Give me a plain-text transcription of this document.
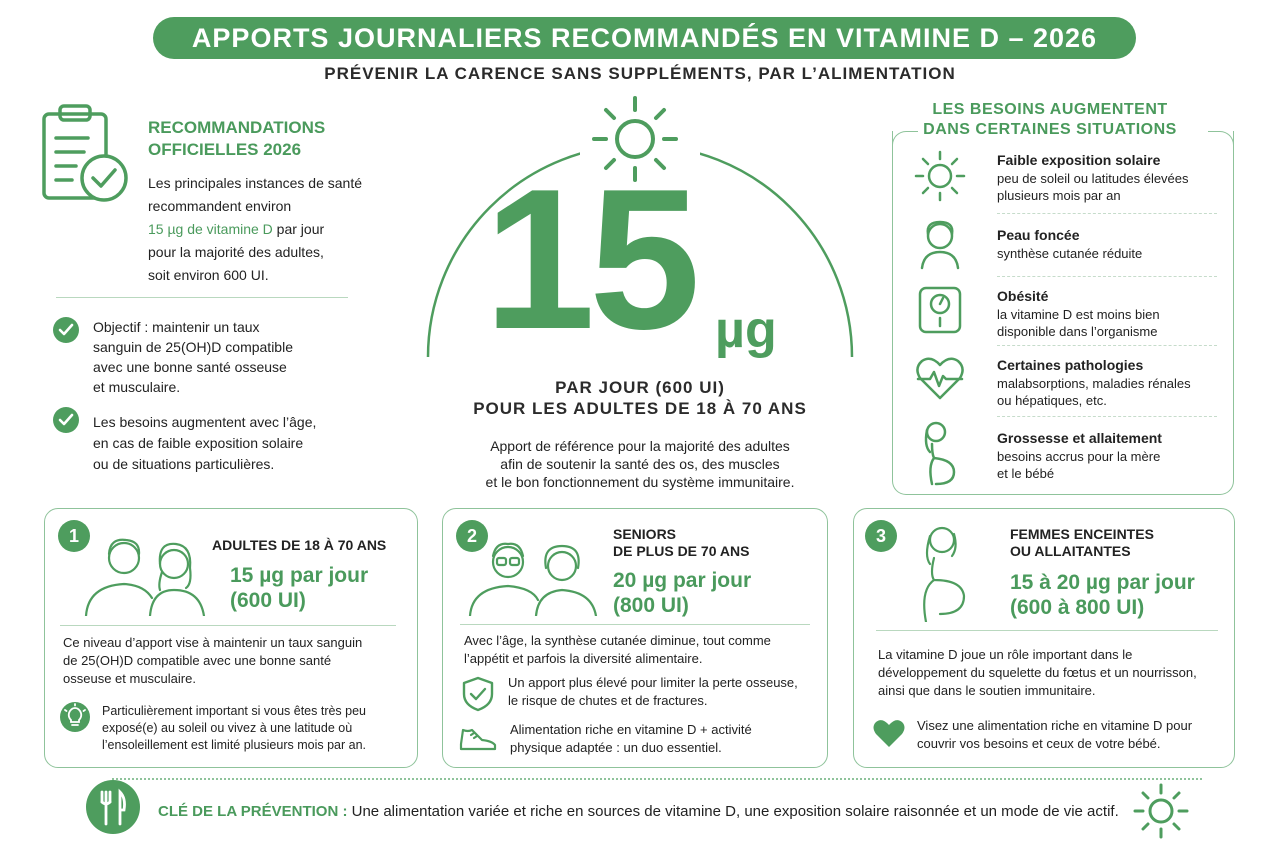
APPORTS JOURNALIERS RECOMMANDÉS EN VITAMINE D – 2026
PRÉVENIR LA CARENCE SANS SUPPLÉMENTS, PAR L’ALIMENTATION
RECOMMANDATIONS
OFFICIELLES 2026
Les principales instances de santé
recommandent environ
15 µg de vitamine D par jour
pour la majorité des adultes,
soit environ 600 UI.
Objectif : maintenir un taux
sanguin de 25(OH)D compatible
avec une bonne santé osseuse
et musculaire.
Les besoins augmentent avec l’âge,
en cas de faible exposition solaire
ou de situations particulières.
15 µg
PAR JOUR (600 UI)
POUR LES ADULTES DE 18 À 70 ANS
Apport de référence pour la majorité des adultes
afin de soutenir la santé des os, des muscles
et le bon fonctionnement du système immunitaire.
LES BESOINS AUGMENTENT
DANS CERTAINES SITUATIONS
Faible exposition solaire
peu de soleil ou latitudes élevées
plusieurs mois par an
Peau foncée
synthèse cutanée réduite
Obésité
la vitamine D est moins bien
disponible dans l’organisme
Certaines pathologies
malabsorptions, maladies rénales
ou hépatiques, etc.
Grossesse et allaitement
besoins accrus pour la mère
et le bébé
1	ADULTES DE 18 À 70 ANS
15 µg par jour
(600 UI)
Ce niveau d’apport vise à maintenir un taux sanguin
de 25(OH)D compatible avec une bonne santé
osseuse et musculaire.
Particulièrement important si vous êtes très peu
exposé(e) au soleil ou vivez à une latitude où
l’ensoleillement est limité plusieurs mois par an.
2	SENIORS
DE PLUS DE 70 ANS
20 µg par jour
(800 UI)
Avec l’âge, la synthèse cutanée diminue, tout comme
l’appétit et parfois la diversité alimentaire.
Un apport plus élevé pour limiter la perte osseuse,
le risque de chutes et de fractures.
Alimentation riche en vitamine D + activité
physique adaptée : un duo essentiel.
3	FEMMES ENCEINTES
OU ALLAITANTES
15 à 20 µg par jour
(600 à 800 UI)
La vitamine D joue un rôle important dans le
développement du squelette du fœtus et un nourrisson,
ainsi que dans le soutien immunitaire.
Visez une alimentation riche en vitamine D pour
couvrir vos besoins et ceux de votre bébé.
CLÉ DE LA PRÉVENTION : Une alimentation variée et riche en sources de vitamine D, une exposition solaire raisonnée et un mode de vie actif.
